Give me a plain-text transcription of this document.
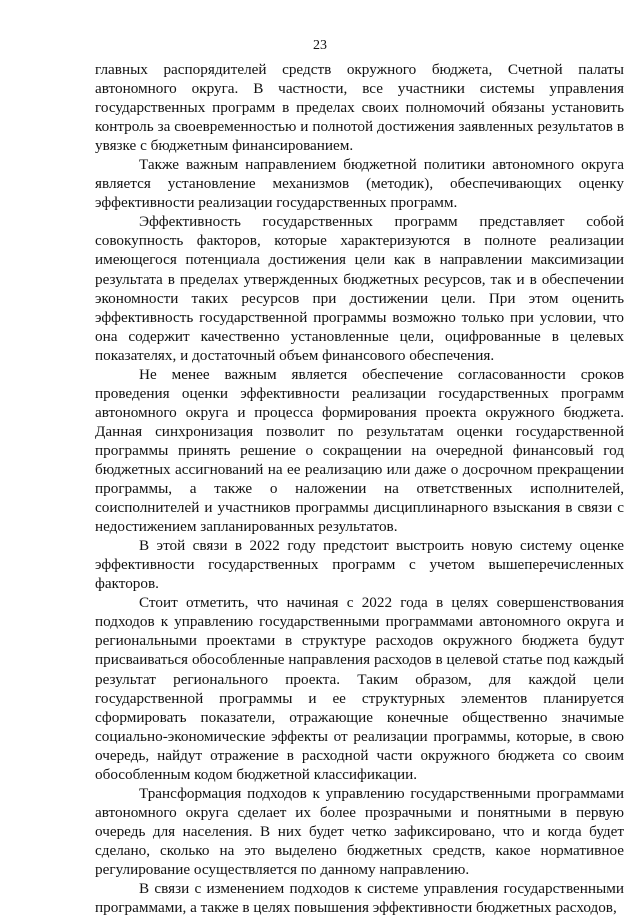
23

главных распорядителей средств окружного бюджета, Счетной палаты автономного округа. В частности, все участники системы управления государственных программ в пределах своих полномочий обязаны установить контроль за своевременностью и полнотой достижения заявленных результатов в увязке с бюджетным финансированием.

Также важным направлением бюджетной политики автономного округа является установление механизмов (методик), обеспечивающих оценку эффективности реализации государственных программ.

Эффективность государственных программ представляет собой совокупность факторов, которые характеризуются в полноте реализации имеющегося потенциала достижения цели как в направлении максимизации результата в пределах утвержденных бюджетных ресурсов, так и в обеспечении экономности таких ресурсов при достижении цели. При этом оценить эффективность государственной программы возможно только при условии, что она содержит качественно установленные цели, оцифрованные в целевых показателях, и достаточный объем финансового обеспечения.

Не менее важным является обеспечение согласованности сроков проведения оценки эффективности реализации государственных программ автономного округа и процесса формирования проекта окружного бюджета. Данная синхронизация позволит по результатам оценки государственной программы принять решение о сокращении на очередной финансовый год бюджетных ассигнований на ее реализацию или даже о досрочном прекращении программы, а также о наложении на ответственных исполнителей, соисполнителей и участников программы дисциплинарного взыскания в связи с недостижением запланированных результатов.

В этой связи в 2022 году предстоит выстроить новую систему оценке эффективности государственных программ с учетом вышеперечисленных факторов.

Стоит отметить, что начиная с 2022 года в целях совершенствования подходов к управлению государственными программами автономного округа и региональными проектами в структуре расходов окружного бюджета будут присваиваться обособленные направления расходов в целевой статье под каждый результат регионального проекта. Таким образом, для каждой цели государственной программы и ее структурных элементов планируется сформировать показатели, отражающие конечные общественно значимые социально-экономические эффекты от реализации программы, которые, в свою очередь, найдут отражение в расходной части окружного бюджета со своим обособленным кодом бюджетной классификации.

Трансформация подходов к управлению государственными программами автономного округа сделает их более прозрачными и понятными в первую очередь для населения. В них будет четко зафиксировано, что и когда будет сделано, сколько на это выделено бюджетных средств, какое нормативное регулирование осуществляется по данному направлению.

В связи с изменением подходов к системе управления государственными программами, а также в целях повышения эффективности бюджетных расходов,
